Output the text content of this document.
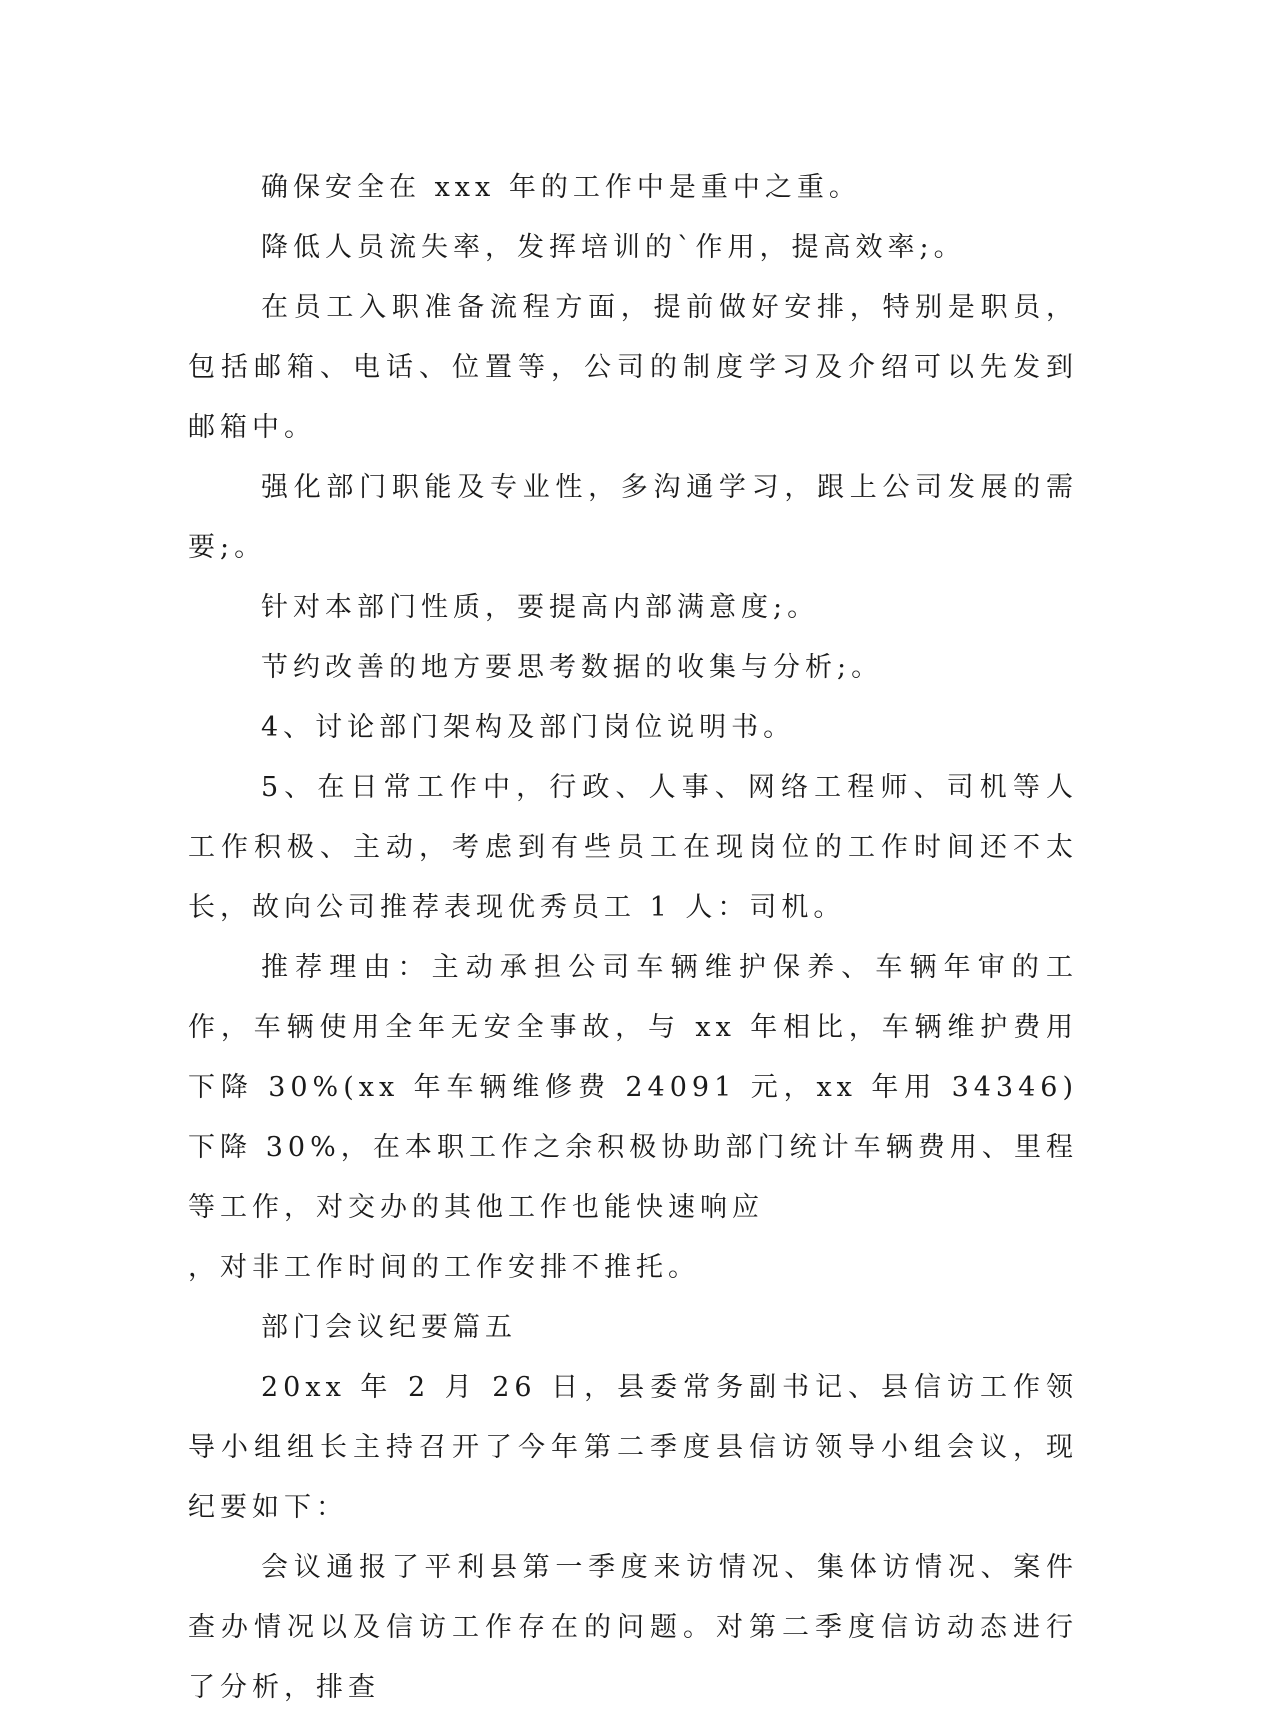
确保安全在 xxx 年的工作中是重中之重。

降低人员流失率，发挥培训的`作用，提高效率;。

在员工入职准备流程方面，提前做好安排，特别是职员，包括邮箱、电话、位置等，公司的制度学习及介绍可以先发到邮箱中。

强化部门职能及专业性，多沟通学习，跟上公司发展的需要;。

针对本部门性质，要提高内部满意度;。

节约改善的地方要思考数据的收集与分析;。

4、讨论部门架构及部门岗位说明书。

5、在日常工作中，行政、人事、网络工程师、司机等人工作积极、主动，考虑到有些员工在现岗位的工作时间还不太长，故向公司推荐表现优秀员工 1 人：司机。

推荐理由：主动承担公司车辆维护保养、车辆年审的工作，车辆使用全年无安全事故，与 xx 年相比，车辆维护费用下降 30%(xx 年车辆维修费 24091 元，xx 年用 34346)下降 30%，在本职工作之余积极协助部门统计车辆费用、里程等工作，对交办的其他工作也能快速响应

，对非工作时间的工作安排不推托。

部门会议纪要篇五

20xx 年 2 月 26 日，县委常务副书记、县信访工作领导小组组长主持召开了今年第二季度县信访领导小组会议，现纪要如下：

会议通报了平利县第一季度来访情况、集体访情况、案件查办情况以及信访工作存在的问题。对第二季度信访动态进行了分析，排查
